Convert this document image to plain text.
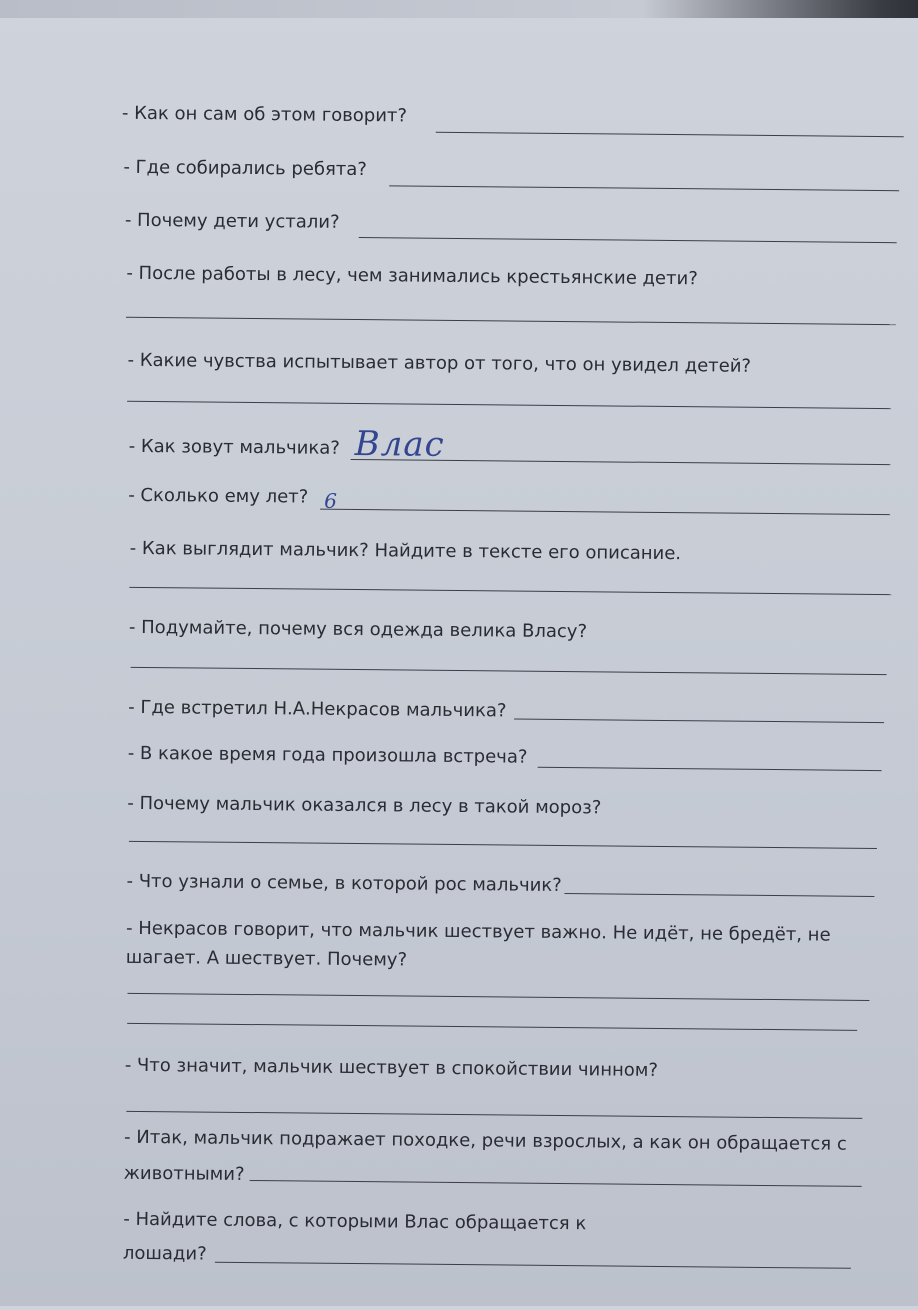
- Как он сам об этом говорит?
- Где собирались ребята?
- Почему дети устали?
- После работы в лесу, чем занимались крестьянские дети?
- Какие чувства испытывает автор от того, что он увидел детей?
- Как зовут мальчика? Влас
- Сколько ему лет? 6
- Как выглядит мальчик? Найдите в тексте его описание.
- Подумайте, почему вся одежда велика Власу?
- Где встретил Н.А.Некрасов мальчика?
- В какое время года произошла встреча?
- Почему мальчик оказался в лесу в такой мороз?
- Что узнали о семье, в которой рос мальчик?
- Некрасов говорит, что мальчик шествует важно. Не идёт, не бредёт, не
шагает. А шествует. Почему?
- Что значит, мальчик шествует в спокойствии чинном?
- Итак, мальчик подражает походке, речи взрослых, а как он обращается с
животными?
- Найдите слова, с которыми Влас обращается к
лошади?
